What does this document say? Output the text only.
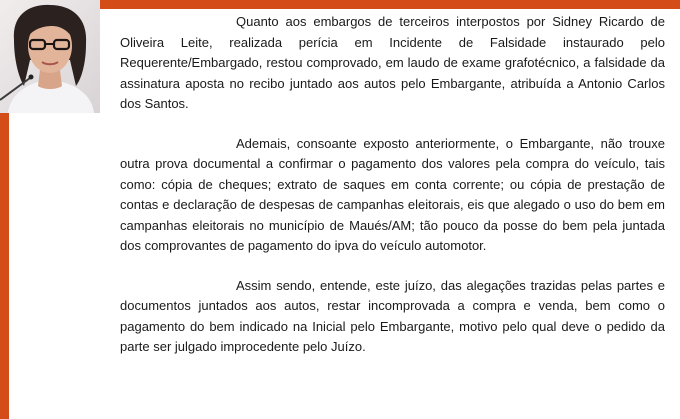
Quanto aos embargos de terceiros interpostos por Sidney Ricardo de Oliveira Leite, realizada perícia em Incidente de Falsidade instaurado pelo Requerente/Embargado, restou comprovado, em laudo de exame grafotécnico, a falsidade da assinatura aposta no recibo juntado aos autos pelo Embargante, atribuída a Antonio Carlos dos Santos.

Ademais, consoante exposto anteriormente, o Embargante, não trouxe outra prova documental a confirmar o pagamento dos valores pela compra do veículo, tais como: cópia de cheques; extrato de saques em conta corrente; ou cópia de prestação de contas e declaração de despesas de campanhas eleitorais, eis que alegado o uso do bem em campanhas eleitorais no município de Maués/AM; tão pouco da posse do bem pela juntada dos comprovantes de pagamento do ipva do veículo automotor.

Assim sendo, entende, este juízo, das alegações trazidas pelas partes e documentos juntados aos autos, restar incomprovada a compra e venda, bem como o pagamento do bem indicado na Inicial pelo Embargante, motivo pelo qual deve o pedido da parte ser julgado improcedente pelo Juízo.
